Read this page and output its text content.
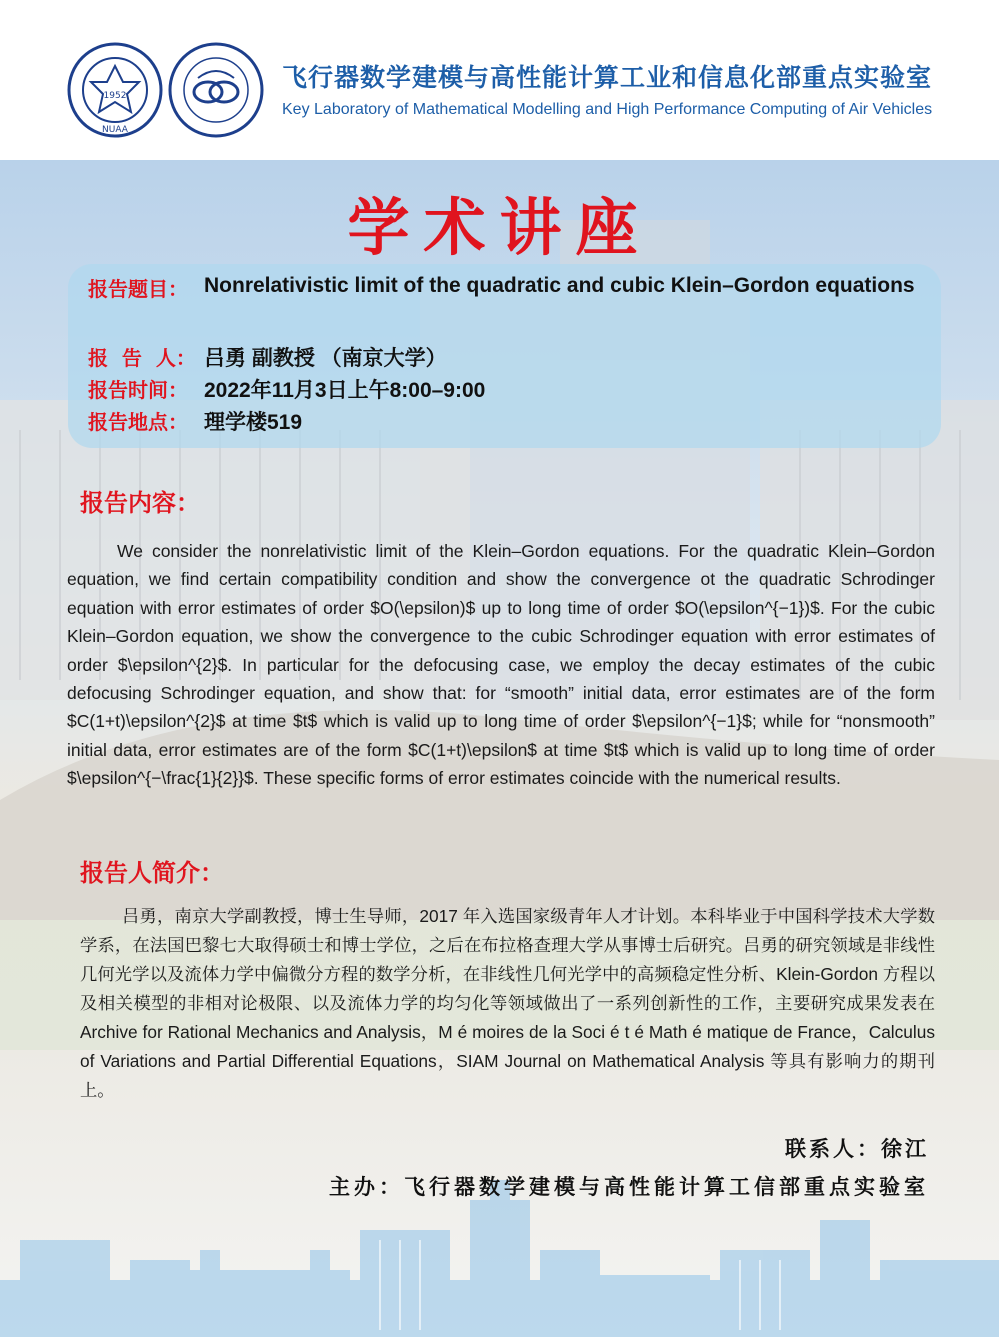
1952
NUAA
飞行器数学建模与高性能计算工业和信息化部重点实验室
Key Laboratory of Mathematical Modelling and High Performance Computing of Air Vehicles
学术讲座
报告题目： Nonrelativistic limit of the quadratic and cubic Klein–Gordon equations
报  告  人： 吕勇 副教授 （南京大学）
报告时间： 2022年11月3日上午8:00–9:00
报告地点： 理学楼519
报告内容：
We consider the nonrelativistic limit of the Klein–Gordon equations. For the quadratic Klein–Gordon equation, we find certain compatibility condition and show the convergence ot the quadratic Schrodinger equation with error estimates of order $O(\epsilon)$ up to long time of order $O(\epsilon^{−1})$. For the cubic Klein–Gordon equation, we show the convergence to the cubic Schrodinger equation with error estimates of order $\epsilon^{2}$. In particular for the defocusing case, we employ the decay estimates of the cubic defocusing Schrodinger equation, and show that: for “smooth” initial data, error estimates are of the form $C(1+t)\epsilon^{2}$ at time $t$ which is valid up to long time of order $\epsilon^{−1}$; while for “nonsmooth” initial data, error estimates are of the form $C(1+t)\epsilon$ at time $t$ which is valid up to long time of order $\epsilon^{−\frac{1}{2}}$. These specific forms of error estimates coincide with the numerical results.
报告人简介：
吕勇，南京大学副教授，博士生导师，2017 年入选国家级青年人才计划。本科毕业于中国科学技术大学数学系，在法国巴黎七大取得硕士和博士学位，之后在布拉格查理大学从事博士后研究。吕勇的研究领域是非线性几何光学以及流体力学中偏微分方程的数学分析，在非线性几何光学中的高频稳定性分析、Klein-Gordon 方程以及相关模型的非相对论极限、以及流体力学的均匀化等领域做出了一系列创新性的工作，主要研究成果发表在 Archive for Rational Mechanics and Analysis，M é moires de la Soci é t é Math é matique de France，Calculus of Variations and Partial Differential Equations，SIAM Journal on Mathematical Analysis 等具有影响力的期刊上。
联系人：徐江
主办：飞行器数学建模与高性能计算工信部重点实验室
